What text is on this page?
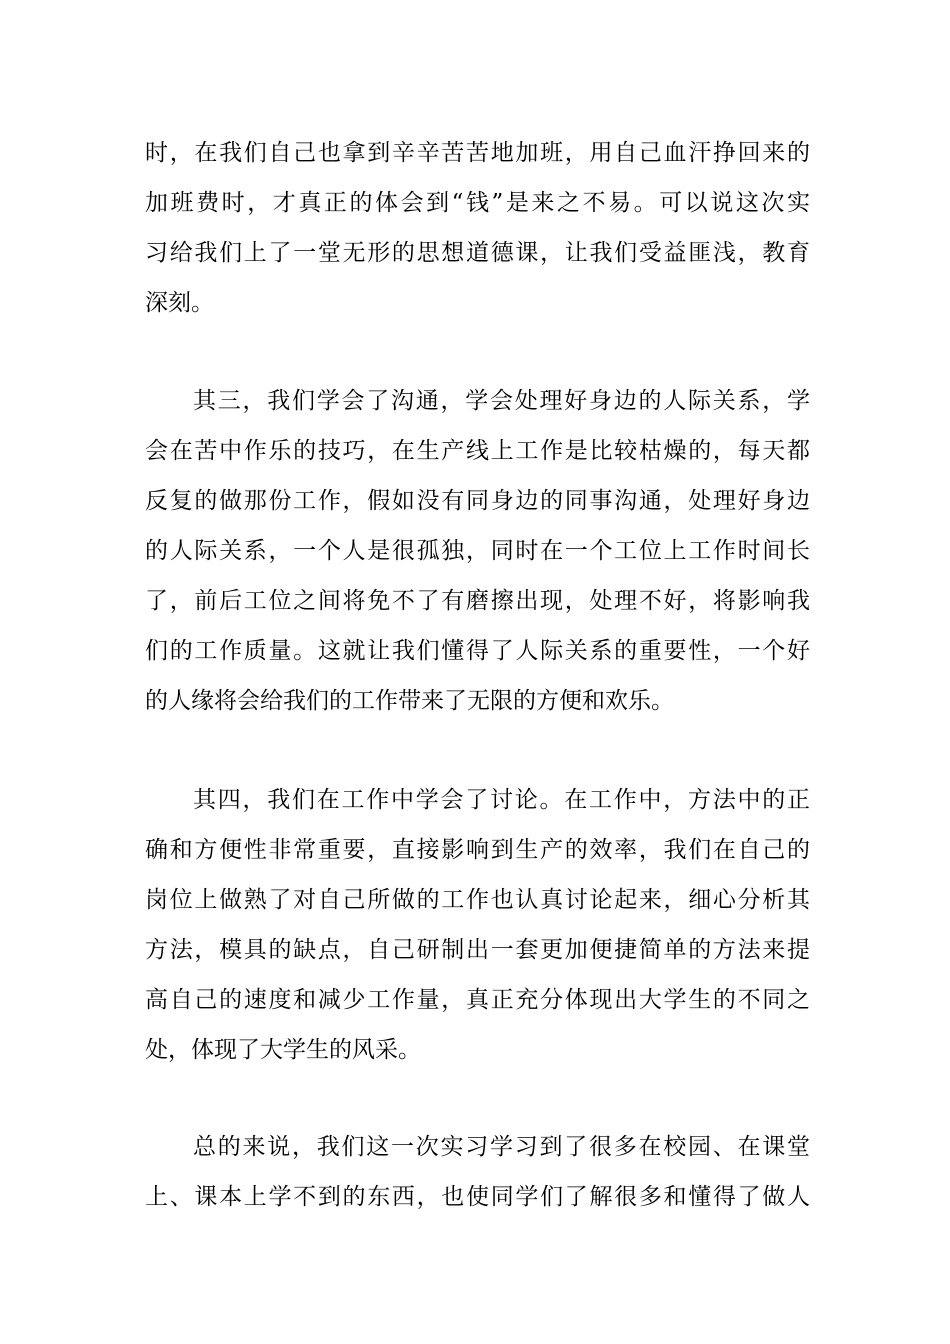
时，在我们自己也拿到辛辛苦苦地加班，用自己血汗挣回来的
加班费时，才真正的体会到“钱”是来之不易。可以说这次实
习给我们上了一堂无形的思想道德课，让我们受益匪浅，教育
深刻。
其三，我们学会了沟通，学会处理好身边的人际关系，学
会在苦中作乐的技巧，在生产线上工作是比较枯燥的，每天都
反复的做那份工作，假如没有同身边的同事沟通，处理好身边
的人际关系，一个人是很孤独，同时在一个工位上工作时间长
了，前后工位之间将免不了有磨擦出现，处理不好，将影响我
们的工作质量。这就让我们懂得了人际关系的重要性，一个好
的人缘将会给我们的工作带来了无限的方便和欢乐。
其四，我们在工作中学会了讨论。在工作中，方法中的正
确和方便性非常重要，直接影响到生产的效率，我们在自己的
岗位上做熟了对自己所做的工作也认真讨论起来，细心分析其
方法，模具的缺点，自己研制出一套更加便捷简单的方法来提
高自己的速度和减少工作量，真正充分体现出大学生的不同之
处，体现了大学生的风采。
总的来说，我们这一次实习学习到了很多在校园、在课堂
上、课本上学不到的东西，也使同学们了解很多和懂得了做人
